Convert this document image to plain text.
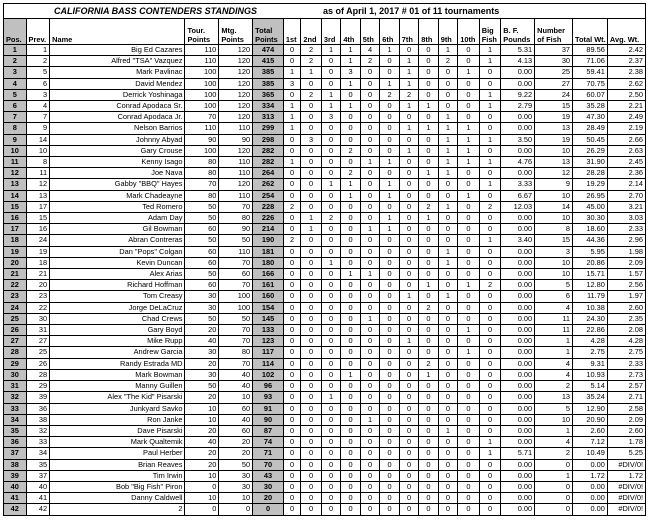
CALIFORNIA BASS CONTENDERS STANDINGS	as of April 1, 2017 # 01 of 11 tournaments
Pos.	Prev.	Name	Tour. Points	Mtg. Points	Total Points	1st	2nd	3rd	4th	5th	6th	7th	8th	9th	10th	Big Fish	B. F. Pounds	Number of Fish	Total Wt.	Avg. Wt.
1	1	Big Ed Cazares	110	120	474	0	2	1	1	4	1	0	0	1	0	1	5.31	37	89.56	2.42
2	2	Alfred "TSA" Vazquez	110	120	415	0	2	0	1	2	0	1	0	2	0	1	4.13	30	71.06	2.37
3	5	Mark Pavlinac	100	120	385	1	1	0	3	0	0	1	0	0	1	0	0.00	25	59.41	2.38
4	6	David Mendez	100	120	385	3	0	0	1	0	1	1	0	0	0	0	0.00	27	70.75	2.62
5	3	Derrick Yoshinaga	100	120	365	0	2	1	0	0	2	2	0	0	0	1	9.22	24	60.07	2.50
6	4	Conrad Apodaca Sr.	100	120	334	1	0	1	1	0	0	1	1	0	0	1	2.79	15	35.28	2.21
7	7	Conrad Apodaca Jr.	70	120	313	1	0	3	0	0	0	0	0	1	0	0	0.00	19	47.30	2.49
8	9	Nelson Barrios	110	110	299	1	0	0	0	0	0	1	1	1	1	0	0.00	13	28.49	2.19
9	14	Johnny Abyad	90	90	298	0	3	0	0	0	0	0	0	1	1	1	3.50	19	50.45	2.66
10	10	Gary Crouse	100	120	282	0	0	0	2	0	0	1	0	1	1	0	0.00	10	26.29	2.63
11	8	Kenny Isago	80	110	282	1	0	0	0	1	1	0	0	1	1	1	4.76	13	31.90	2.45
12	11	Joe Nava	80	110	264	0	0	0	2	0	0	0	1	1	0	0	0.00	12	28.28	2.36
13	12	Gabby "BBQ" Hayes	70	120	262	0	0	1	1	0	1	0	0	0	0	1	3.33	9	19.29	2.14
14	13	Mark Chadeayne	80	110	254	0	0	0	1	0	1	0	0	0	1	0	6.67	10	26.95	2.70
15	17	Ted Romero	50	70	228	2	0	0	0	0	0	0	2	1	0	2	12.03	14	45.00	3.21
16	15	Adam Day	50	80	226	0	1	2	0	0	1	0	1	0	0	0	0.00	10	30.30	3.03
17	16	Gil Bowman	60	90	214	0	1	0	0	1	1	0	0	0	0	0	0.00	8	18.60	2.33
18	24	Abran Contreras	50	50	190	2	0	0	0	0	0	0	0	0	0	1	3.40	15	44.36	2.96
19	19	Dan "Pops" Colgan	60	110	181	0	0	0	0	0	0	0	0	1	0	0	0.00	3	5.95	1.98
20	18	Kevin Duncan	60	70	180	0	0	1	0	0	0	0	0	1	0	0	0.00	10	20.86	2.09
21	21	Alex Arias	50	60	166	0	0	0	1	1	0	0	0	0	0	0	0.00	10	15.71	1.57
22	20	Richard Hoffman	60	70	161	0	0	0	0	0	0	0	1	0	1	2	0.00	5	12.80	2.56
23	23	Tom Creasy	30	100	160	0	0	0	0	0	0	1	0	1	0	0	0.00	6	11.79	1.97
24	22	Jorge DeLaCruz	30	100	154	0	0	0	0	0	0	0	2	0	0	0	0.00	4	10.38	2.60
25	30	Chad Crews	50	50	145	0	0	0	0	1	0	0	0	0	0	0	0.00	11	24.30	2.35
26	31	Gary Boyd	20	70	133	0	0	0	0	0	0	0	0	0	1	0	0.00	11	22.86	2.08
27	27	Mike Rupp	40	70	123	0	0	0	0	0	0	1	0	0	0	0	0.00	1	4.28	4.28
28	25	Andrew Garcia	30	80	117	0	0	0	0	0	0	0	0	0	1	0	0.00	1	2.75	2.75
29	26	Randy Estrada MD	20	70	114	0	0	0	0	0	0	0	2	0	0	0	0.00	4	9.31	2.33
30	28	Mark Bowman	30	40	102	0	0	0	1	0	0	0	1	0	0	0	0.00	4	10.93	2.73
31	29	Manny Guillen	50	40	96	0	0	0	0	0	0	0	0	0	0	0	0.00	2	5.14	2.57
32	39	Alex "The Kid" Pisarski	20	10	93	0	0	1	0	0	0	0	0	0	0	0	0.00	13	35.24	2.71
33	36	Junkyard Savko	10	60	91	0	0	0	0	0	0	0	0	0	0	0	0.00	5	12.90	2.58
34	38	Ron Janke	10	40	90	0	0	0	0	1	0	0	0	0	0	0	0.00	10	20.90	2.09
35	32	Dave Pisarski	20	60	87	0	0	0	0	0	0	0	0	1	0	0	0.00	1	2.60	2.60
36	33	Mark Qualtemik	40	20	74	0	0	0	0	0	0	0	0	0	0	1	0.00	4	7.12	1.78
37	34	Paul Herber	20	20	71	0	0	0	0	0	0	0	0	0	0	1	5.71	2	10.49	5.25
38	35	Brian Reaves	20	50	70	0	0	0	0	0	0	0	0	0	0	0	0.00	0	0.00	#DIV/0!
39	37	Tim Irwin	10	30	43	0	0	0	0	0	0	0	0	0	0	0	0.00	1	1.72	1.72
40	40	Bob "Big Fish" Piron	0	30	30	0	0	0	0	0	0	0	0	0	0	0	0.00	0	0.00	#DIV/0!
41	41	Danny Caldwell	10	10	20	0	0	0	0	0	0	0	0	0	0	0	0.00	0	0.00	#DIV/0!
42	42	2	0	0	0	0	0	0	0	0	0	0	0	0	0	0	0.00	0	0.00	#DIV/0!
